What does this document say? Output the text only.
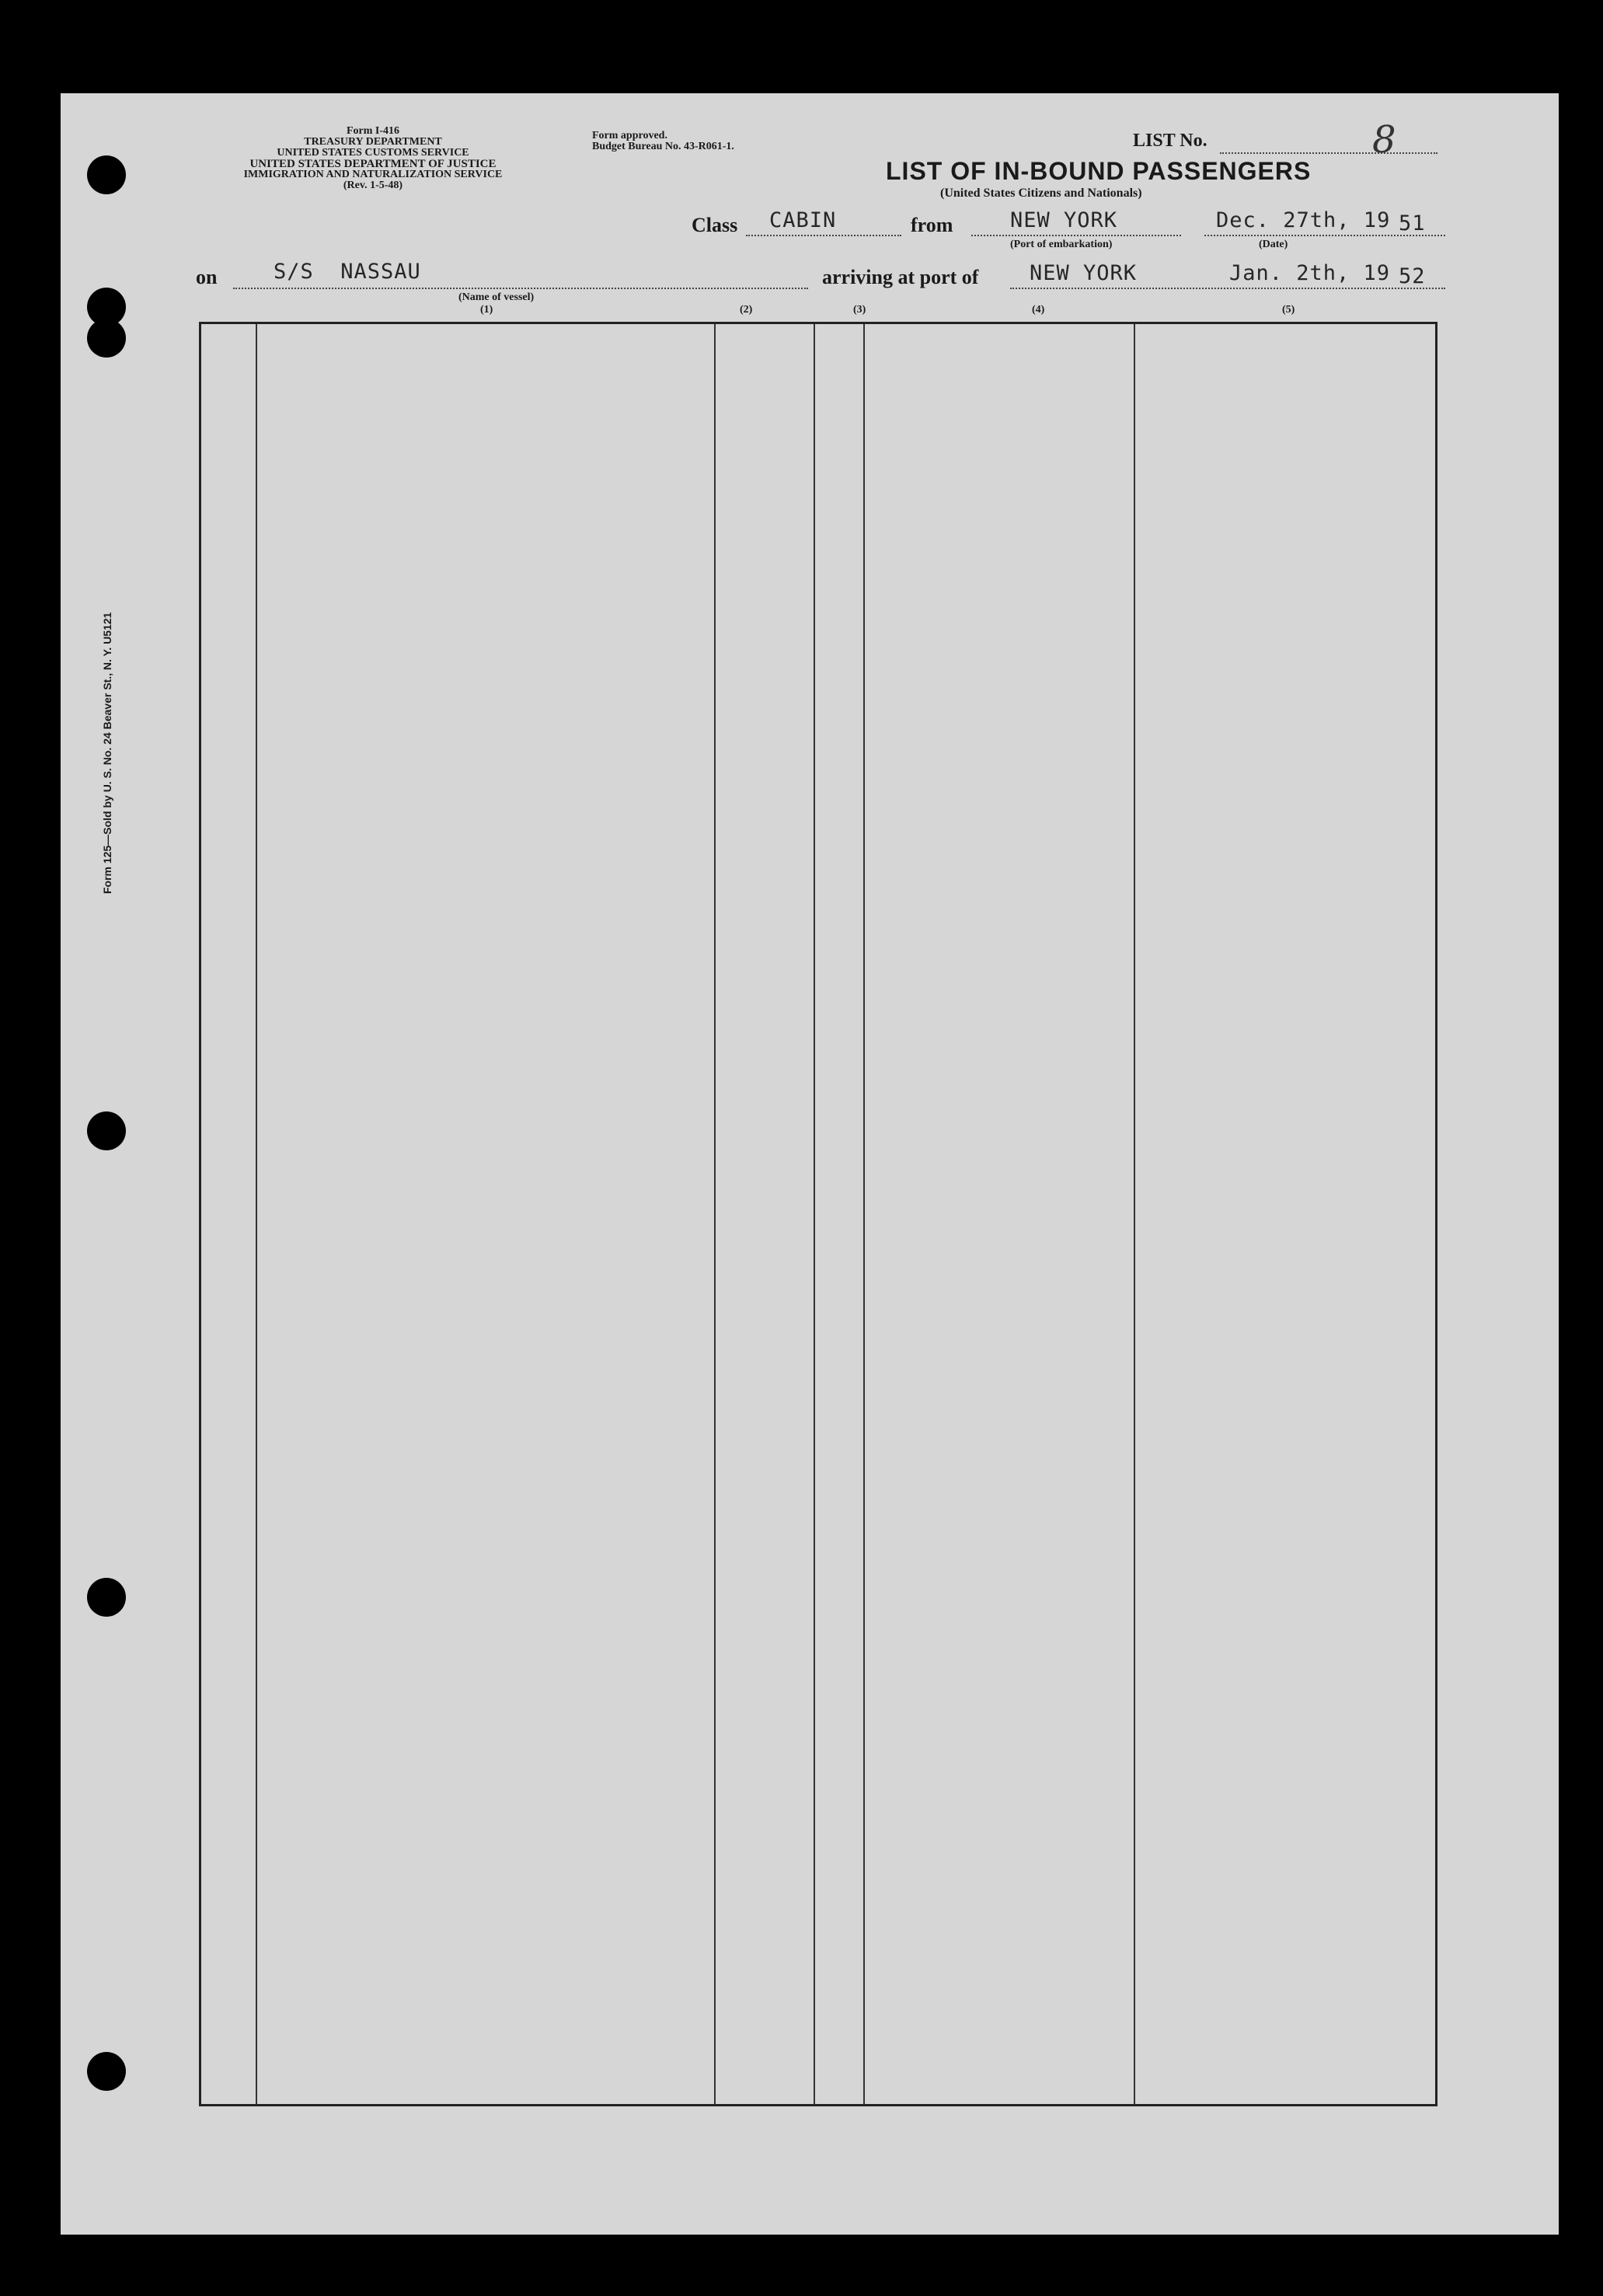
Form I-416
TREASURY DEPARTMENT
UNITED STATES CUSTOMS SERVICE
UNITED STATES DEPARTMENT OF JUSTICE
IMMIGRATION AND NATURALIZATION SERVICE
(Rev. 1-5-48)
Form approved.
Budget Bureau No. 43-R061-1.	LIST No.	8
LIST OF IN-BOUND PASSENGERS
(United States Citizens and Nationals)
Class CABIN	from	NEW YORK
(Port of embarkation)
Dec. 27th, 19 51
(Date)
on	S/S  NASSAU
(Name of vessel)
arriving at port of NEW YORK	Jan. 2th, 19 52
(1)	(2)	(3)	(4)	(5)
Form 125—Sold by U. S. No. 24 Beaver St., N. Y. U5121
